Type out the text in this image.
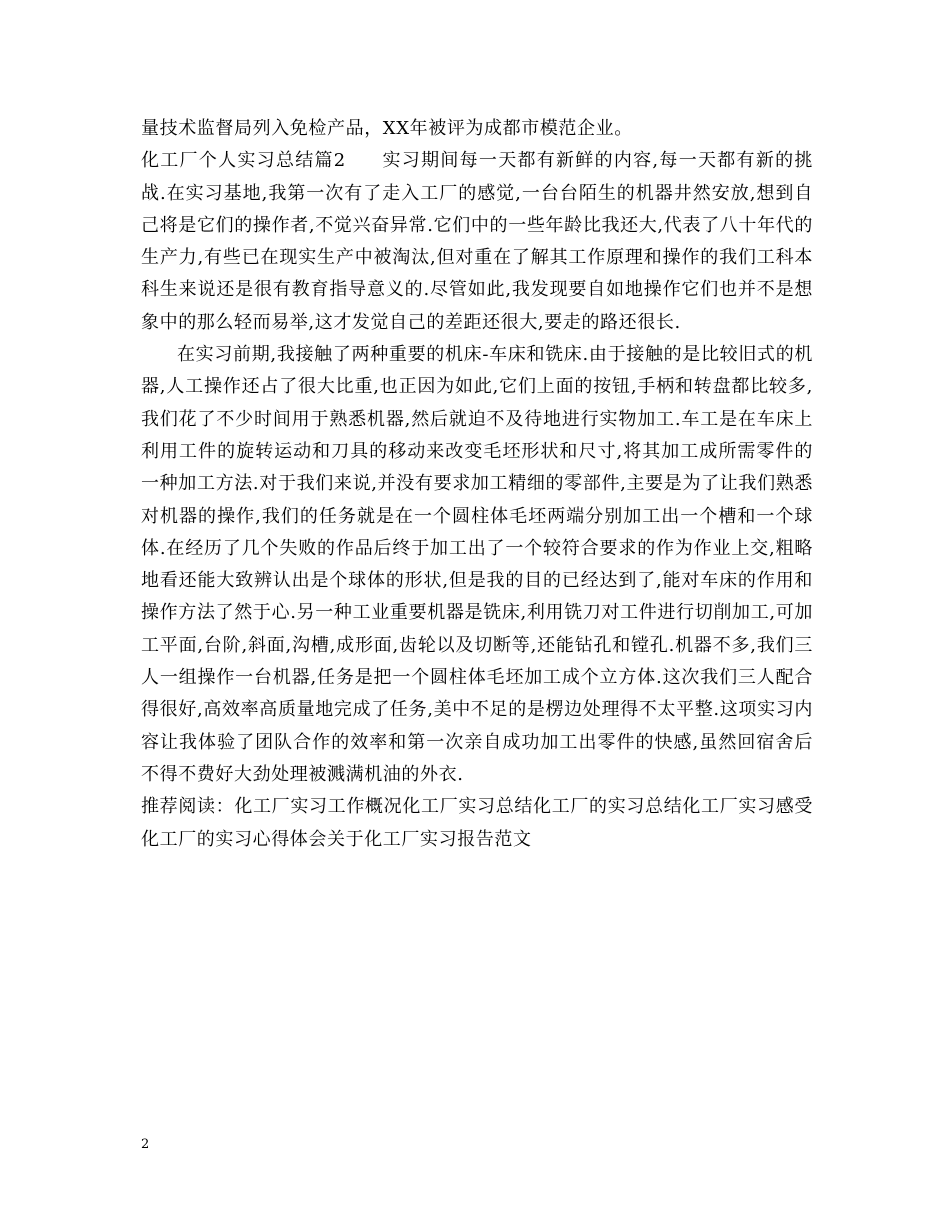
量技术监督局列入免检产品，XX年被评为成都市模范企业。

化工厂个人实习总结篇2 实习期间每一天都有新鲜的内容,每一天都有新的挑战.在实习基地,我第一次有了走入工厂的感觉,一台台陌生的机器井然安放,想到自己将是它们的操作者,不觉兴奋异常.它们中的一些年龄比我还大,代表了八十年代的生产力,有些已在现实生产中被淘汰,但对重在了解其工作原理和操作的我们工科本科生来说还是很有教育指导意义的.尽管如此,我发现要自如地操作它们也并不是想象中的那么轻而易举,这才发觉自己的差距还很大,要走的路还很长.

在实习前期,我接触了两种重要的机床-车床和铣床.由于接触的是比较旧式的机器,人工操作还占了很大比重,也正因为如此,它们上面的按钮,手柄和转盘都比较多,我们花了不少时间用于熟悉机器,然后就迫不及待地进行实物加工.车工是在车床上利用工件的旋转运动和刀具的移动来改变毛坯形状和尺寸,将其加工成所需零件的一种加工方法.对于我们来说,并没有要求加工精细的零部件,主要是为了让我们熟悉对机器的操作,我们的任务就是在一个圆柱体毛坯两端分别加工出一个槽和一个球体.在经历了几个失败的作品后终于加工出了一个较符合要求的作为作业上交,粗略地看还能大致辨认出是个球体的形状,但是我的目的已经达到了,能对车床的作用和操作方法了然于心.另一种工业重要机器是铣床,利用铣刀对工件进行切削加工,可加工平面,台阶,斜面,沟槽,成形面,齿轮以及切断等,还能钻孔和镗孔.机器不多,我们三人一组操作一台机器,任务是把一个圆柱体毛坯加工成个立方体.这次我们三人配合得很好,高效率高质量地完成了任务,美中不足的是楞边处理得不太平整.这项实习内容让我体验了团队合作的效率和第一次亲自成功加工出零件的快感,虽然回宿舍后不得不费好大劲处理被溅满机油的外衣.

推荐阅读：化工厂实习工作概况化工厂实习总结化工厂的实习总结化工厂实习感受化工厂的实习心得体会关于化工厂实习报告范文

2
